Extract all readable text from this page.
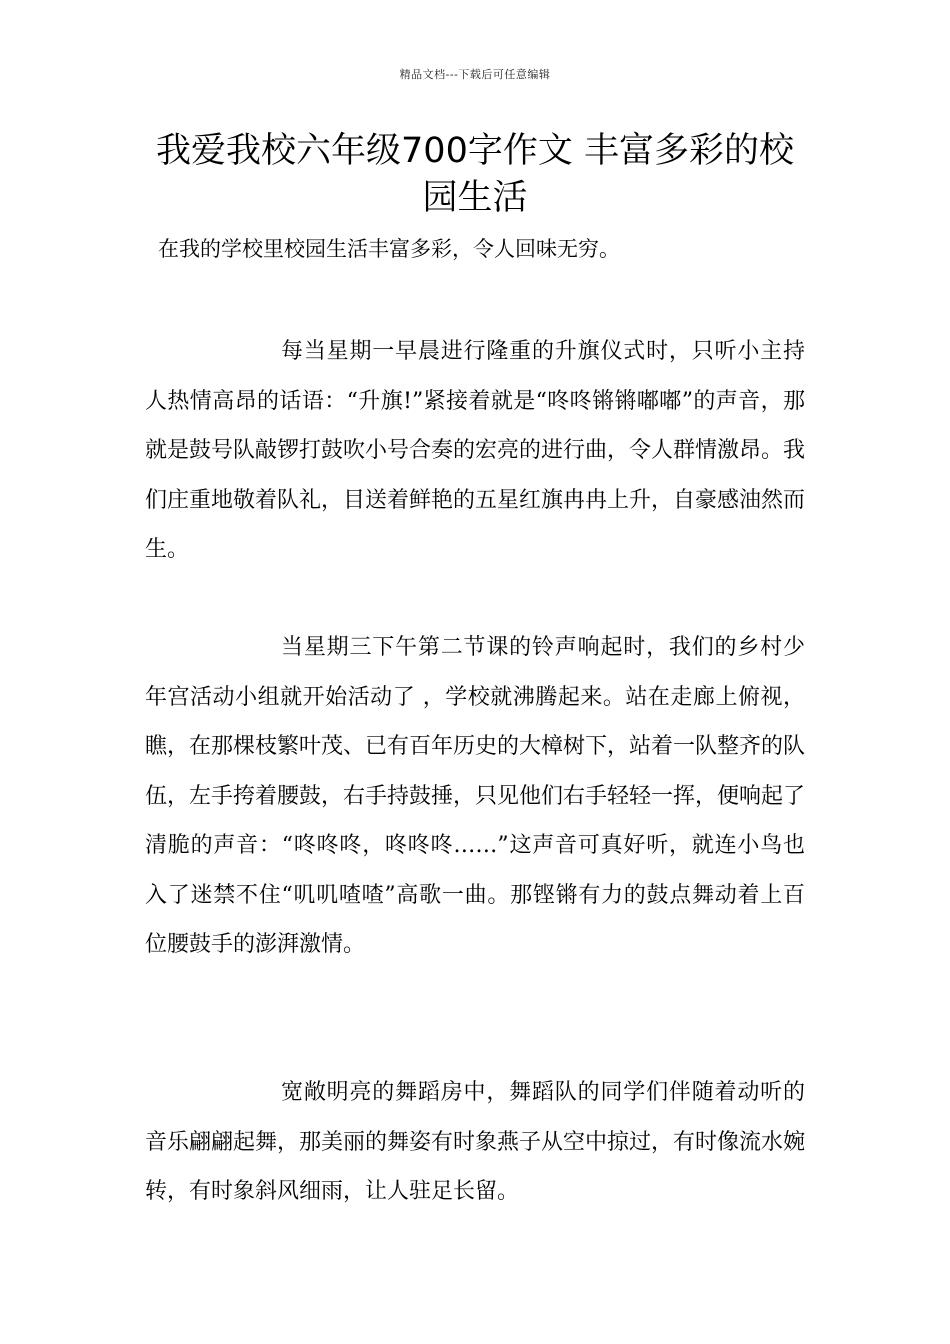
精品文档---下载后可任意编辑
我爱我校六年级700字作文 丰富多彩的校园生活
在我的学校里校园生活丰富多彩，令人回味无穷。
每当星期一早晨进行隆重的升旗仪式时，只听小主持人热情高昂的话语：“升旗!”紧接着就是“咚咚锵锵嘟嘟”的声音，那就是鼓号队敲锣打鼓吹小号合奏的宏亮的进行曲，令人群情激昂。我们庄重地敬着队礼，目送着鲜艳的五星红旗冉冉上升，自豪感油然而生。
当星期三下午第二节课的铃声响起时，我们的乡村少年宫活动小组就开始活动了 ，学校就沸腾起来。站在走廊上俯视，瞧，在那棵枝繁叶茂、已有百年历史的大樟树下，站着一队整齐的队伍，左手挎着腰鼓，右手持鼓捶，只见他们右手轻轻一挥，便响起了清脆的声音：“咚咚咚，咚咚咚……”这声音可真好听，就连小鸟也入了迷禁不住“叽叽喳喳”高歌一曲。那铿锵有力的鼓点舞动着上百位腰鼓手的澎湃激情。
宽敞明亮的舞蹈房中，舞蹈队的同学们伴随着动听的音乐翩翩起舞，那美丽的舞姿有时象燕子从空中掠过，有时像流水婉转，有时象斜风细雨，让人驻足长留。
